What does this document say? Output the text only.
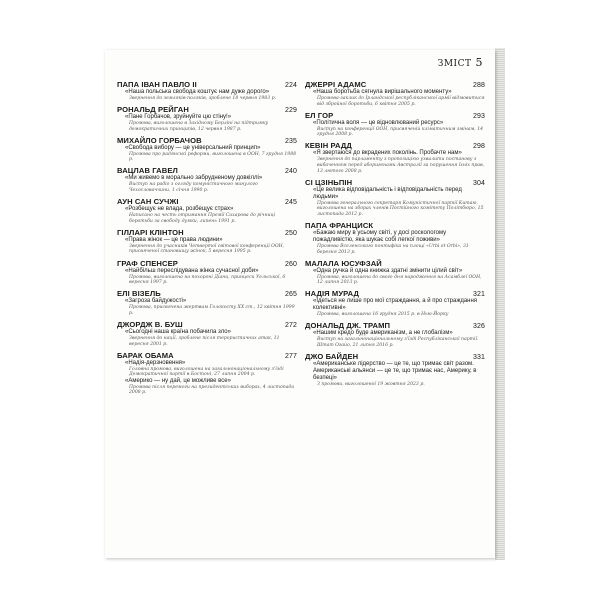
ЗМІСТ 5
ПАПА ІВАН ПАВЛО II	224
«Наша польська свобода коштує нам дуже дорого»
Звернення до земляків-поляків, зроблене 18 червня 1983 р.
РОНАЛЬД РЕЙГАН	229
«Пане Горбачов, зруйнуйте цю стіну!»
Промова, виголошена в Західному Берліні на підтримку демократичних принципів, 12 червня 1987 р.
МИХАЙЛО ГОРБАЧОВ	235
«Свобода вибору — це універсальний принцип»
Промова про радянські реформи, виголошена в ООН, 7 грудня 1988 р.
ВАЦЛАВ ГАВЕЛ	240
«Ми живемо в морально забрудненому довкіллі»
Виступ на радіо з огляду комуністичного минулого Чехословаччини, 1 січня 1990 р.
АУН САН СУЧЖІ	245
«Розбещує не влада, розбещує страх»
Написано на честь отримання Премії Сахарова до річниці боротьби за свободу думки, липень 1991 р.
ГІЛЛАРІ КЛІНТОН	250
«Права жінок — це права людини»
Звернення до учасників Четвертої світової конференції ООН, присвяченої становищу жінок, 5 вересня 1995 р.
ГРАФ СПЕНСЕР	260
«Найбільш переслідувана жінка сучасної доби»
Промова, виголошена на похороні Діани, принцеси Уельської, 6 вересня 1997 р.
ЕЛІ ВІЗЕЛЬ	265
«Загроза байдужості»
Промова, присвячена жертвам Голокосту ХХ ст., 12 квітня 1999 р.
ДЖОРДЖ В. БУШ	272
«Сьогодні наша країна побачила зло»
Звернення до нації, зроблене після терористичних атак, 11 вересня 2001 р.
БАРАК ОБАМА	277
«Надія-дерзновення»
Головна промова, виголошена на загальнонаціональному з'їзді Демократичної партії в Бостоні, 27 липня 2004 р.
«Америко — ну дай, це можливе все»
Промова після перемоги на президентських виборах, 4 листопада 2008 р.
ДЖЕРРІ АДАМС	288
«Наша боротьба сягнула вирішального моменту»
Промова-заклик до Ірландської республіканської армії відмовитися від збройної боротьби, 6 квітня 2005 р.
ЕЛ ГОР	293
«Політична воля — це відновлюваний ресурс»
Виступ на конференції ООН, присвяченій кліматичним змінам, 14 грудня 2008 р.
КЕВІН РАДД	298
«Я звертаюся до вкрадених поколінь. Пробачте нам»
Звернення до парламенту з пропозицією ухвалити постанову з вибаченням перед аборигенами Австралії за порушення їхніх прав, 13 лютого 2008 р.
СІ ЦЗІНЬПІН	304
«Це велика відповідальність і відповідальність перед людьми»
Промова генерального секретаря Комуністичної партії Китаю, виголошена на зборах членів Постійного комітету Політбюро, 15 листопада 2012 р.
ПАПА ФРАНЦИСК
«Бажаю миру в усьому світі, у досі роскологому пожадливістю, яка шукає собі легкої поживи»
Промова Вселенського понтифіка на площі «Urbi et Orbi», 31 березня 2013 р.
МАЛАЛА ЮСУФЗАЙ
«Одна ручка й одна книжка здатні змінити цілий світ»
Промова, виголошена до свого дня народження на Асамблеї ООН, 12 липня 2013 р.
НАДІЯ МУРАД	321
«Ідеться не лише про мої страждання, а й про страждання колективні»
Промова, виголошена 16 грудня 2015 р. в Нью-Йорку
ДОНАЛЬД ДЖ. ТРАМП	326
«Нашим кредо буде американізм, а не глобалізм»
Виступ на загальнонаціональному з'їзді Республіканської партії. Штат Огайо, 21 липня 2016 р.
ДЖО БАЙДЕН	331
«Американське лідерство — це те, що тримає світ разом. Американські альянси — це те, що тримає нас, Америку, в безпеці»
З промови, виголошеної 19 жовтня 2023 р.
